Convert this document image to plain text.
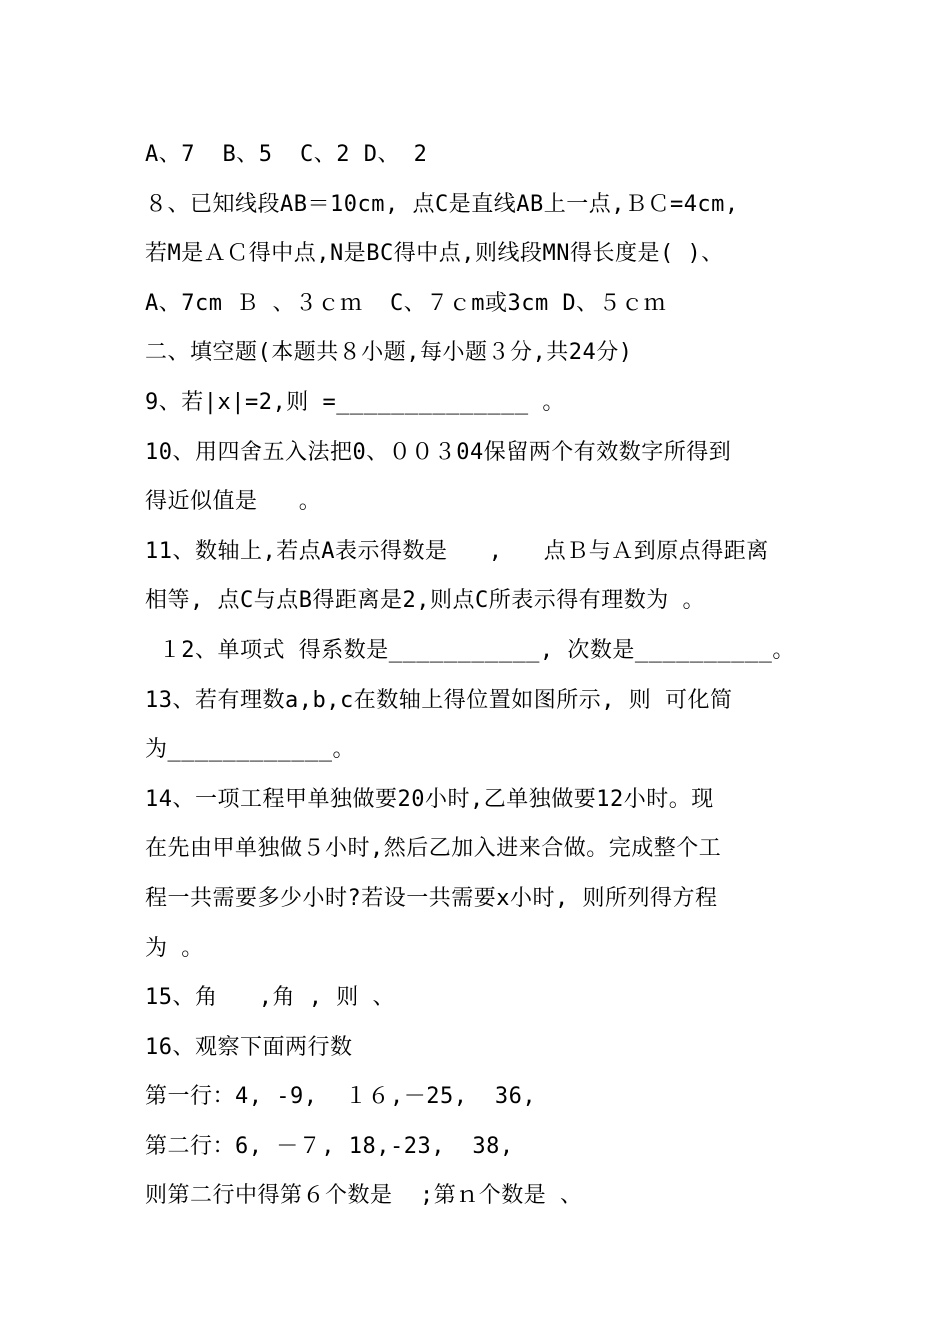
A、7  B、5  C、2 D、 2
８、已知线段AB＝10cm, 点C是直线AB上一点,ＢＣ=4cm,
若M是ＡＣ得中点,N是BC得中点,则线段MN得长度是( )、
A、7cm Ｂ 、３ｃｍ  C、７ｃm或3cm D、５ｃｍ
二、填空题(本题共８小题,每小题３分,共24分)
9、若|x|=2,则 =______________ 。
10、用四舍五入法把0、００３04保留两个有效数字所得到
得近似值是   。
11、数轴上,若点A表示得数是   ,   点Ｂ与Ａ到原点得距离
相等, 点C与点B得距离是2,则点C所表示得有理数为 。
１2、单项式 得系数是___________, 次数是__________。
13、若有理数a,b,c在数轴上得位置如图所示, 则 可化简
为____________。
14、一项工程甲单独做要20小时,乙单独做要12小时。现
在先由甲单独做５小时,然后乙加入进来合做。完成整个工
程一共需要多少小时?若设一共需要x小时, 则所列得方程
为 。
15、角   ,角 , 则 、
16、观察下面两行数
第一行：4, -9,  １６,－25,  36,
第二行：6, －７, 18,-23,  38,
则第二行中得第６个数是  ;第ｎ个数是 、
